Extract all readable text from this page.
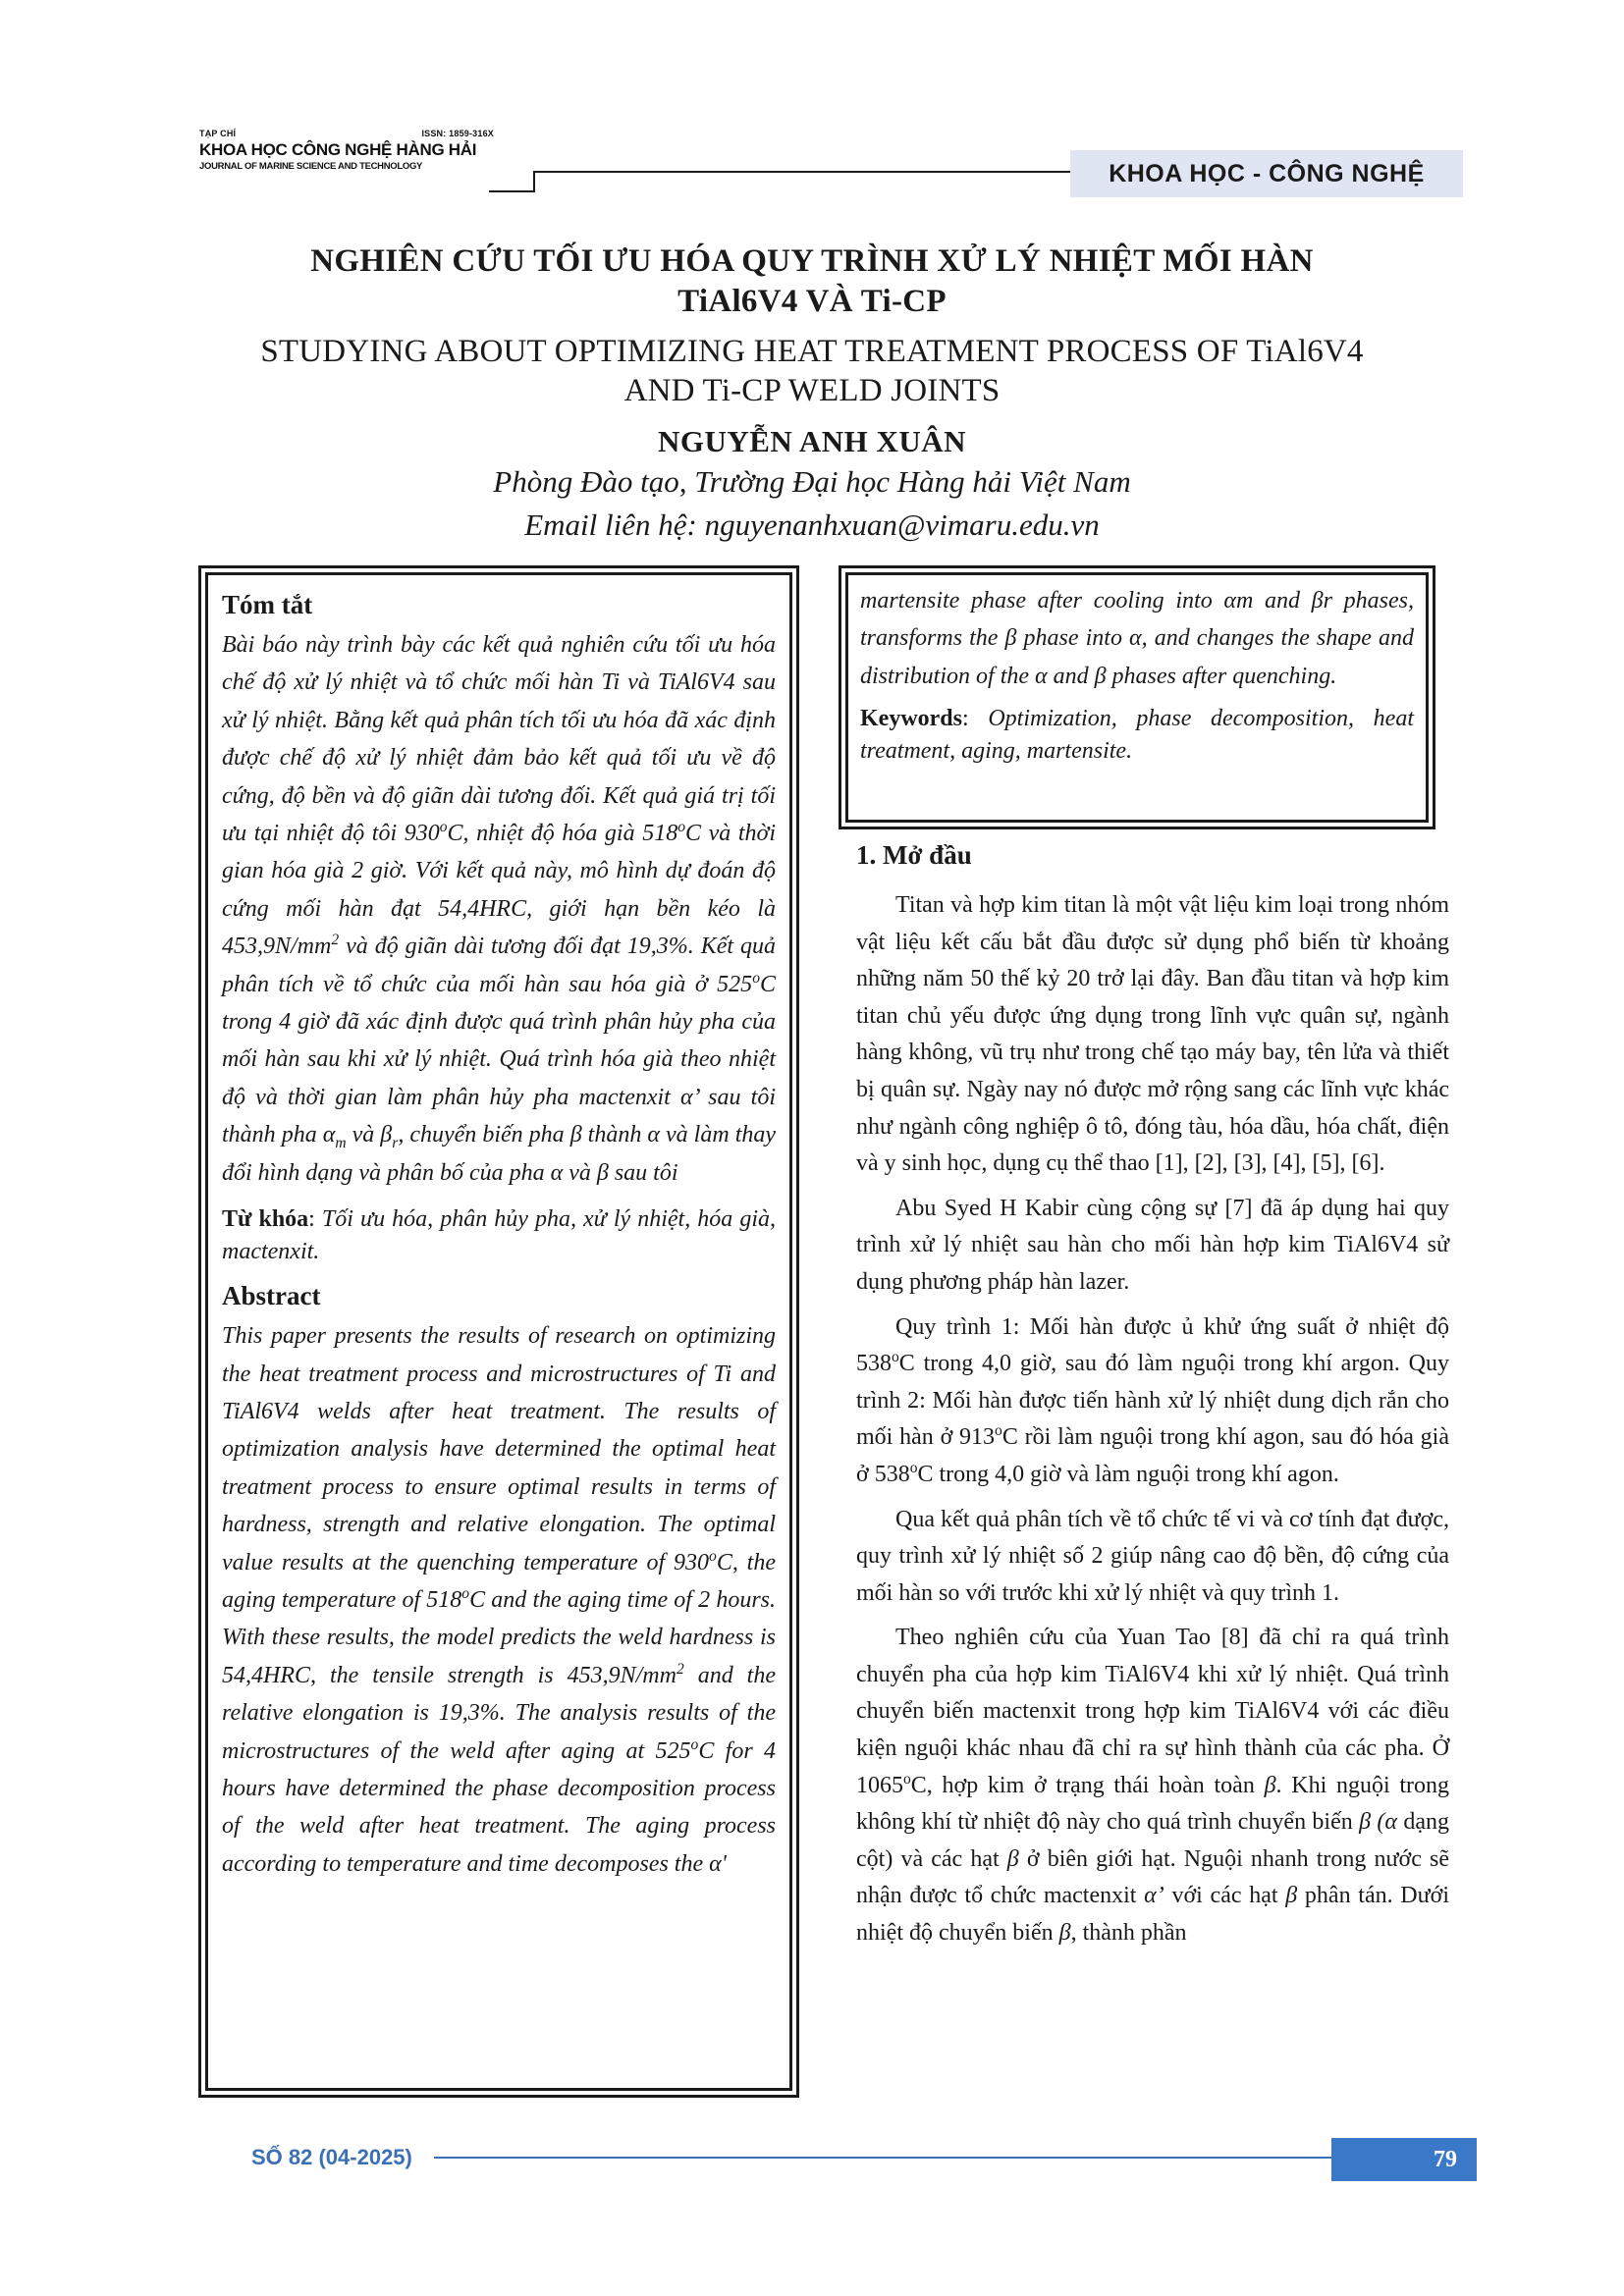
TẠP CHÍ	ISSN: 1859-316X
KHOA HỌC CÔNG NGHỆ HÀNG HẢI
JOURNAL OF MARINE SCIENCE AND TECHNOLOGY	KHOA HỌC - CÔNG NGHỆ
NGHIÊN CỨU TỐI ƯU HÓA QUY TRÌNH XỬ LÝ NHIỆT MỐI HÀN
TiAl6V4 VÀ Ti-CP
STUDYING ABOUT OPTIMIZING HEAT TREATMENT PROCESS OF TiAl6V4
AND Ti-CP WELD JOINTS
NGUYỄN ANH XUÂN
Phòng Đào tạo, Trường Đại học Hàng hải Việt Nam
Email liên hệ: nguyenanhxuan@vimaru.edu.vn
Tóm tắt
Bài báo này trình bày các kết quả nghiên cứu tối ưu hóa chế độ xử lý nhiệt và tổ chức mối hàn Ti và TiAl6V4 sau xử lý nhiệt. Bằng kết quả phân tích tối ưu hóa đã xác định được chế độ xử lý nhiệt đảm bảo kết quả tối ưu về độ cứng, độ bền và độ giãn dài tương đối. Kết quả giá trị tối ưu tại nhiệt độ tôi 930$^o$C, nhiệt độ hóa già 518$^o$C và thời gian hóa già 2 giờ. Với kết quả này, mô hình dự đoán độ cứng mối hàn đạt 54,4HRC, giới hạn bền kéo là $453,9N/mm^2$ và độ giãn dài tương đối đạt 19,3%. Kết quả phân tích về tổ chức của mối hàn sau hóa già ở 525$^o$C trong 4 giờ đã xác định được quá trình phân hủy pha của mối hàn sau khi xử lý nhiệt. Quá trình hóa già theo nhiệt độ và thời gian làm phân hủy pha mactenxit α’ sau tôi thành pha $\alpha_m$ và $\beta_r$, chuyển biến pha β thành α và làm thay đổi hình dạng và phân bố của pha α và β sau tôi
Từ khóa: Tối ưu hóa, phân hủy pha, xử lý nhiệt, hóa già, mactenxit.
Abstract
This paper presents the results of research on optimizing the heat treatment process and microstructures of Ti and TiAl6V4 welds after heat treatment. The results of optimization analysis have determined the optimal heat treatment process to ensure optimal results in terms of hardness, strength and relative elongation. The optimal value results at the quenching temperature of 930$^o$C, the aging temperature of 518$^o$C and the aging time of 2 hours. With these results, the model predicts the weld hardness is 54,4HRC, the tensile strength is $453,9N/mm^2$ and the relative elongation is 19,3%. The analysis results of the microstructures of the weld after aging at 525$^o$C for 4 hours have determined the phase decomposition process of the weld after heat treatment. The aging process according to temperature and time decomposes the α'
martensite phase after cooling into αm and βr phases, transforms the β phase into α, and changes the shape and distribution of the α and β phases after quenching.
Keywords: Optimization, phase decomposition, heat treatment, aging, martensite.
1. Mở đầu

Titan và hợp kim titan là một vật liệu kim loại trong nhóm vật liệu kết cấu bắt đầu được sử dụng phổ biến từ khoảng những năm 50 thế kỷ 20 trở lại đây. Ban đầu titan và hợp kim titan chủ yếu được ứng dụng trong lĩnh vực quân sự, ngành hàng không, vũ trụ như trong chế tạo máy bay, tên lửa và thiết bị quân sự. Ngày nay nó được mở rộng sang các lĩnh vực khác như ngành công nghiệp ô tô, đóng tàu, hóa dầu, hóa chất, điện và y sinh học, dụng cụ thể thao [1], [2], [3], [4], [5], [6].

Abu Syed H Kabir cùng cộng sự [7] đã áp dụng hai quy trình xử lý nhiệt sau hàn cho mối hàn hợp kim TiAl6V4 sử dụng phương pháp hàn lazer.

Quy trình 1: Mối hàn được ủ khử ứng suất ở nhiệt độ 538$^o$C trong 4,0 giờ, sau đó làm nguội trong khí argon. Quy trình 2: Mối hàn được tiến hành xử lý nhiệt dung dịch rắn cho mối hàn ở 913$^o$C rồi làm nguội trong khí agon, sau đó hóa già ở 538$^o$C trong 4,0 giờ và làm nguội trong khí agon.

Qua kết quả phân tích về tổ chức tế vi và cơ tính đạt được, quy trình xử lý nhiệt số 2 giúp nâng cao độ bền, độ cứng của mối hàn so với trước khi xử lý nhiệt và quy trình 1.

Theo nghiên cứu của Yuan Tao [8] đã chỉ ra quá trình chuyển pha của hợp kim TiAl6V4 khi xử lý nhiệt. Quá trình chuyển biến mactenxit trong hợp kim TiAl6V4 với các điều kiện nguội khác nhau đã chỉ ra sự hình thành của các pha. Ở 1065$^o$C, hợp kim ở trạng thái hoàn toàn β. Khi nguội trong không khí từ nhiệt độ này cho quá trình chuyển biến β (α dạng cột) và các hạt β ở biên giới hạt. Nguội nhanh trong nước sẽ nhận được tổ chức mactenxit α’ với các hạt β phân tán. Dưới nhiệt độ chuyển biến β, thành phần

SỐ 82 (04-2025)	79
